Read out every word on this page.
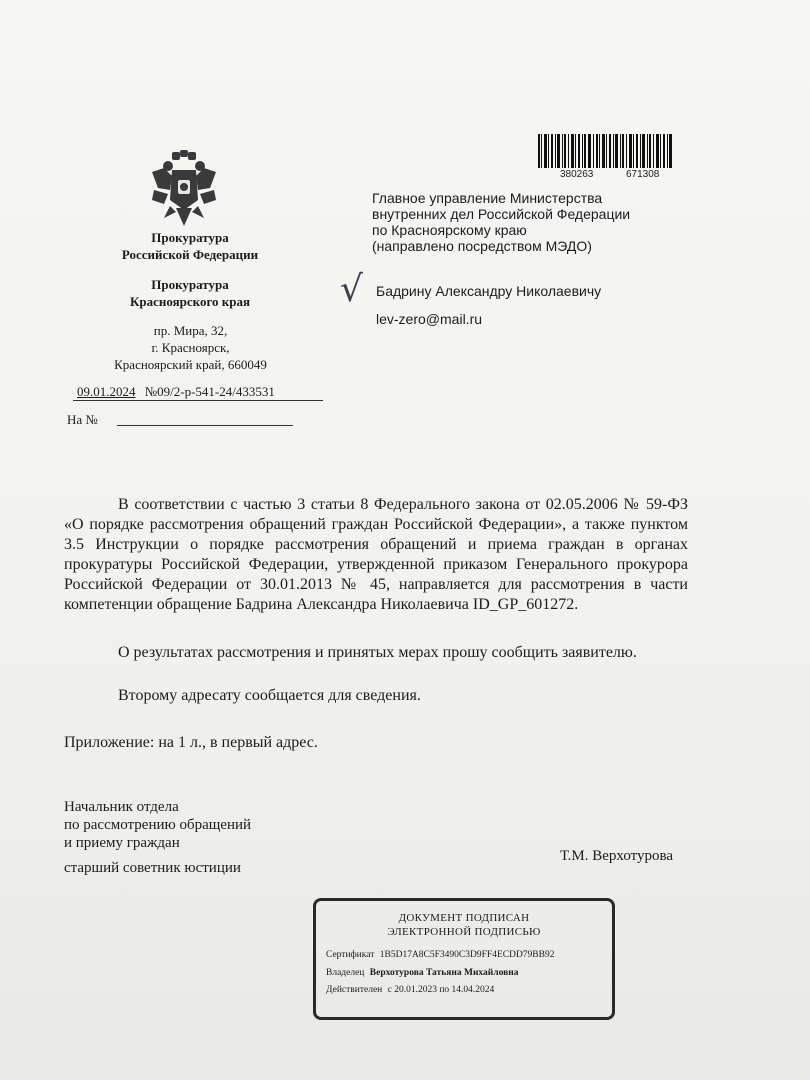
Прокуратура
Российской Федерации
Прокуратура
Красноярского края
пр. Мира, 32,
г. Красноярск,
Красноярский край, 660049
09.01.2024 №09/2-р-541-24/433531
На №
380263	671308
Главное управление Министерства
внутренних дел Российской Федерации
по Красноярскому краю
(направлено посредством МЭДО)
√ Бадрину Александру Николаевичу
lev-zero@mail.ru
В соответствии с частью 3 статьи 8 Федерального закона от 02.05.2006 № 59-ФЗ «О порядке рассмотрения обращений граждан Российской Федерации», а также пунктом 3.5 Инструкции о порядке рассмотрения обращений и приема граждан в органах прокуратуры Российской Федерации, утвержденной приказом Генерального прокурора Российской Федерации от 30.01.2013 № 45, направляется для рассмотрения в части компетенции обращение Бадрина Александра Николаевича ID_GP_601272.
О результатах рассмотрения и принятых мерах прошу сообщить заявителю.
Второму адресату сообщается для сведения.
Приложение: на 1 л., в первый адрес.
Начальник отдела
по рассмотрению обращений
и приему граждан
старший советник юстиции
Т.М. Верхотурова
ДОКУМЕНТ ПОДПИСАН
ЭЛЕКТРОННОЙ ПОДПИСЬЮ
Сертификат 1B5D17A8C5F3490C3D9FF4ECDD79BB92
Владелец Верхотурова Татьяна Михайловна
Действителен с 20.01.2023 по 14.04.2024
